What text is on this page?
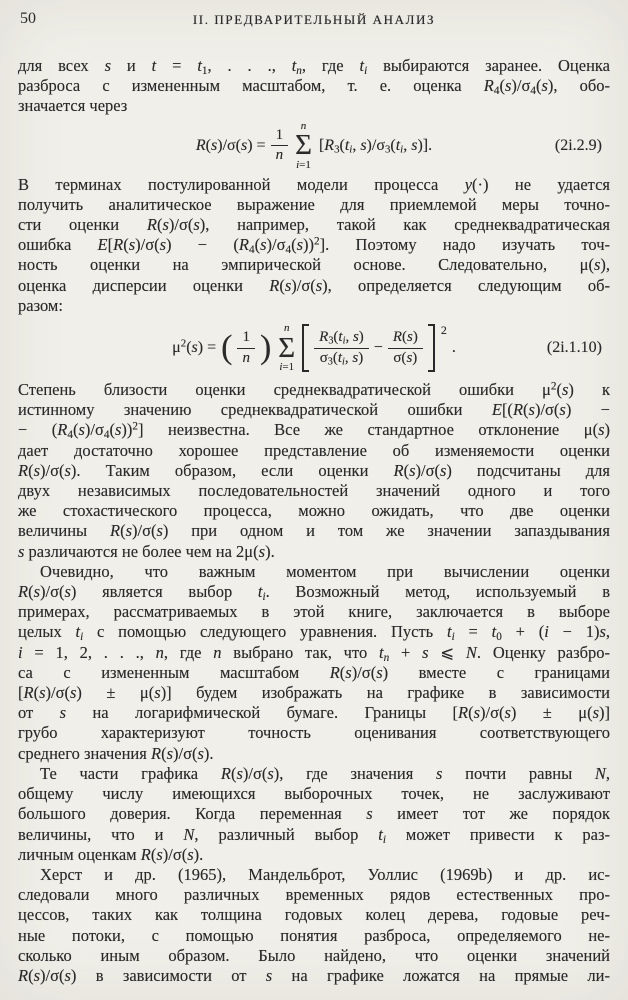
50	II. ПРЕДВАРИТЕЛЬНЫЙ АНАЛИЗ
для всех s и $t = t_1$, . . ., $t_n$, где $t_i$ выбираются заранее. Оценка
разброса с измененным масштабом, т. е. оценка $R_4(s)/\sigma_4(s)$, обо-
значается через
$R(s)/\sigma(s) = \frac{1}{n}$
n
Σ
i=1
[$R_3(t_i$, $s)/\sigma_3(t_i$, s)].	(2i.2.9)
В терминах постулированной модели процесса y(·) не удается
получить аналитическое выражение для приемлемой меры точно-
сти оценки R(s)/σ(s), например, такой как среднеквадратическая
ошибка $E[R(s)/\sigma(s) - (R_4(s)/\sigma_4(s))^2]$. Поэтому надо изучать точ-
ность оценки на эмпирической основе. Следовательно, μ(s),
оценка дисперсии оценки R(s)/σ(s), определяется следующим об-
разом:
$\mu^2(s)$ = ( $\frac{1}{n}$ )
n
Σ
i=1
$\frac{R_3(t_i, s)}{\sigma_3(t_i, s)} - \frac{R(s)}{\sigma(s)} 2$
.	(2i.1.10)
Степень близости оценки среднеквадратической ошибки $\mu^2(s)$ к
истинному значению среднеквадратической ошибки E[(R(s)/σ(s) −
− $(R_4(s)/\sigma_4(s))^2$] неизвестна. Все же стандартное отклонение μ(s)
дает достаточно хорошее представление об изменяемости оценки
R(s)/σ(s). Таким образом, если оценки R(s)/σ(s) подсчитаны для
двух независимых последовательностей значений одного и того
же стохастического процесса, можно ожидать, что две оценки
величины R(s)/σ(s) при одном и том же значении запаздывания
s различаются не более чем на 2μ(s).
Очевидно, что важным моментом при вычислении оценки
R(s)/σ(s) является выбор $t_i$. Возможный метод, используемый в
примерах, рассматриваемых в этой книге, заключается в выборе
целых $t_i$ с помощью следующего уравнения. Пусть $t_i = t_0 + (i - 1)s$,
i = 1, 2, . . ., n, где n выбрано так, что $t_n + s$ ⩽ N. Оценку разбро-
са с измененным масштабом R(s)/σ(s) вместе с границами
[R(s)/σ(s) ± μ(s)] будем изображать на графике в зависимости
от s на логарифмической бумаге. Границы [R(s)/σ(s) ± μ(s)]
грубо характеризуют точность оценивания соответствующего
среднего значения R(s)/σ(s).
Те части графика R(s)/σ(s), где значения s почти равны N,
общему числу имеющихся выборочных точек, не заслуживают
большого доверия. Когда переменная s имеет тот же порядок
величины, что и N, различный выбор $t_i$ может привести к раз-
личным оценкам R(s)/σ(s).
Херст и др. (1965), Мандельброт, Уоллис (1969b) и др. ис-
следовали много различных временных рядов естественных про-
цессов, таких как толщина годовых колец дерева, годовые реч-
ные потоки, с помощью понятия разброса, определяемого не-
сколько иным образом. Было найдено, что оценки значений
R(s)/σ(s) в зависимости от s на графике ложатся на прямые ли-
